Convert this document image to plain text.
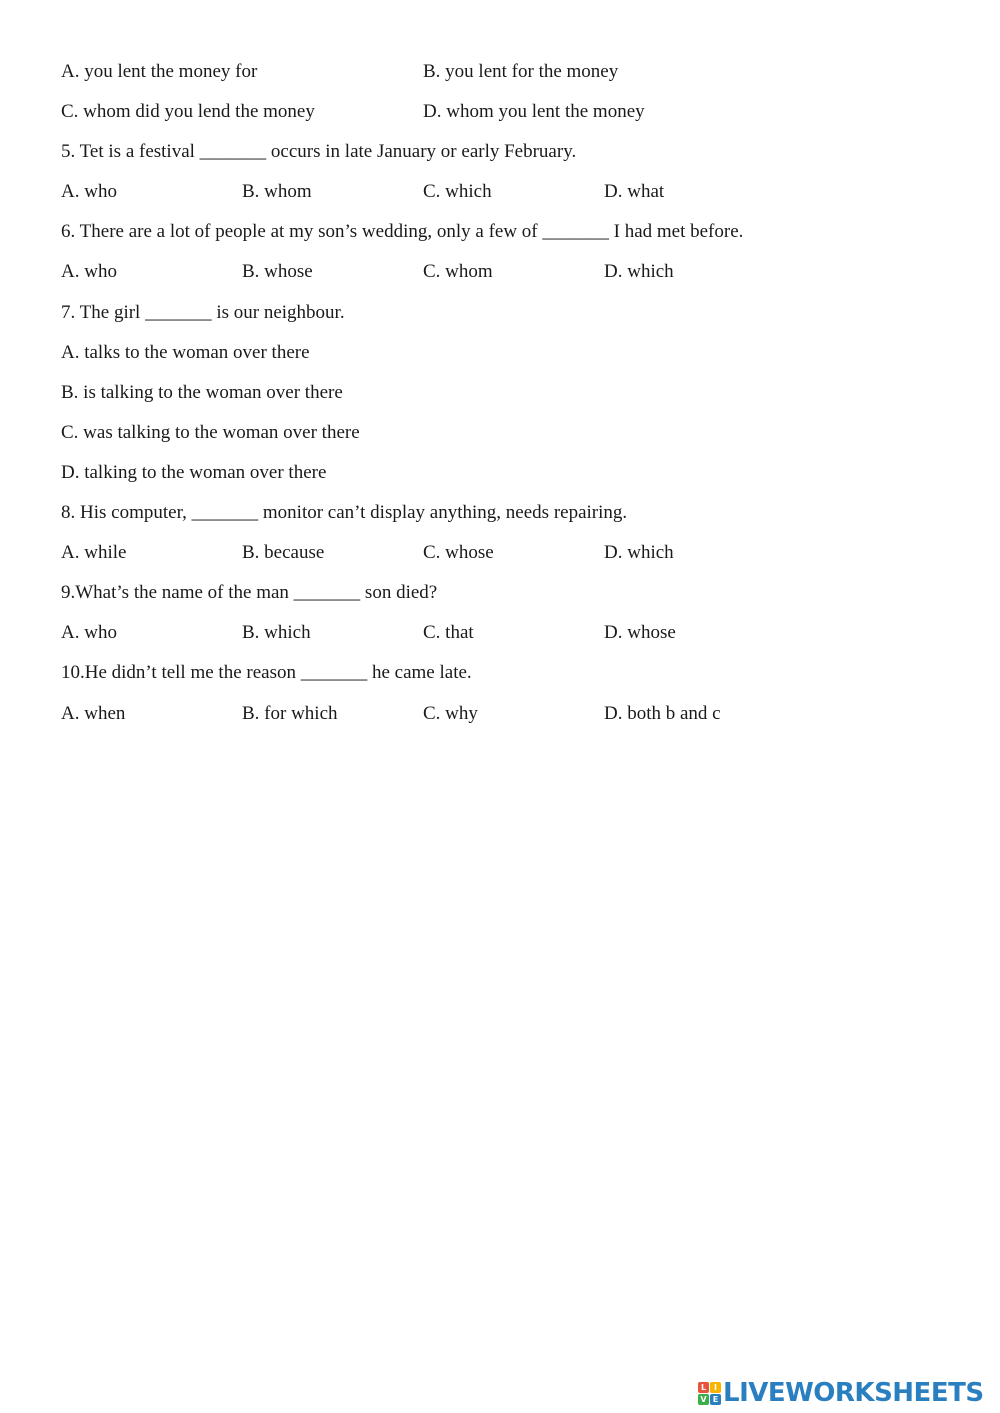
A. you lent the money for	B. you lent for the money
C. whom did you lend the money	D. whom you lent the money
5. Tet is a festival _______ occurs in late January or early February.
A. who	B. whom	C. which	D. what
6. There are a lot of people at my son’s wedding, only a few of _______ I had met before.
A. who	B. whose	C. whom	D. which
7. The girl _______ is our neighbour.
A. talks to the woman over there
B. is talking to the woman over there
C. was talking to the woman over there
D. talking to the woman over there
8. His computer, _______ monitor can’t display anything, needs repairing.
A. while	B. because	C. whose	D. which
9.What’s the name of the man _______ son died?
A. who	B. which	C. that	D. whose
10.He didn’t tell me the reason _______ he came late.
A. when	B. for which	C. why	D. both b and c
L I
V E LIVEWORKSHEETS
